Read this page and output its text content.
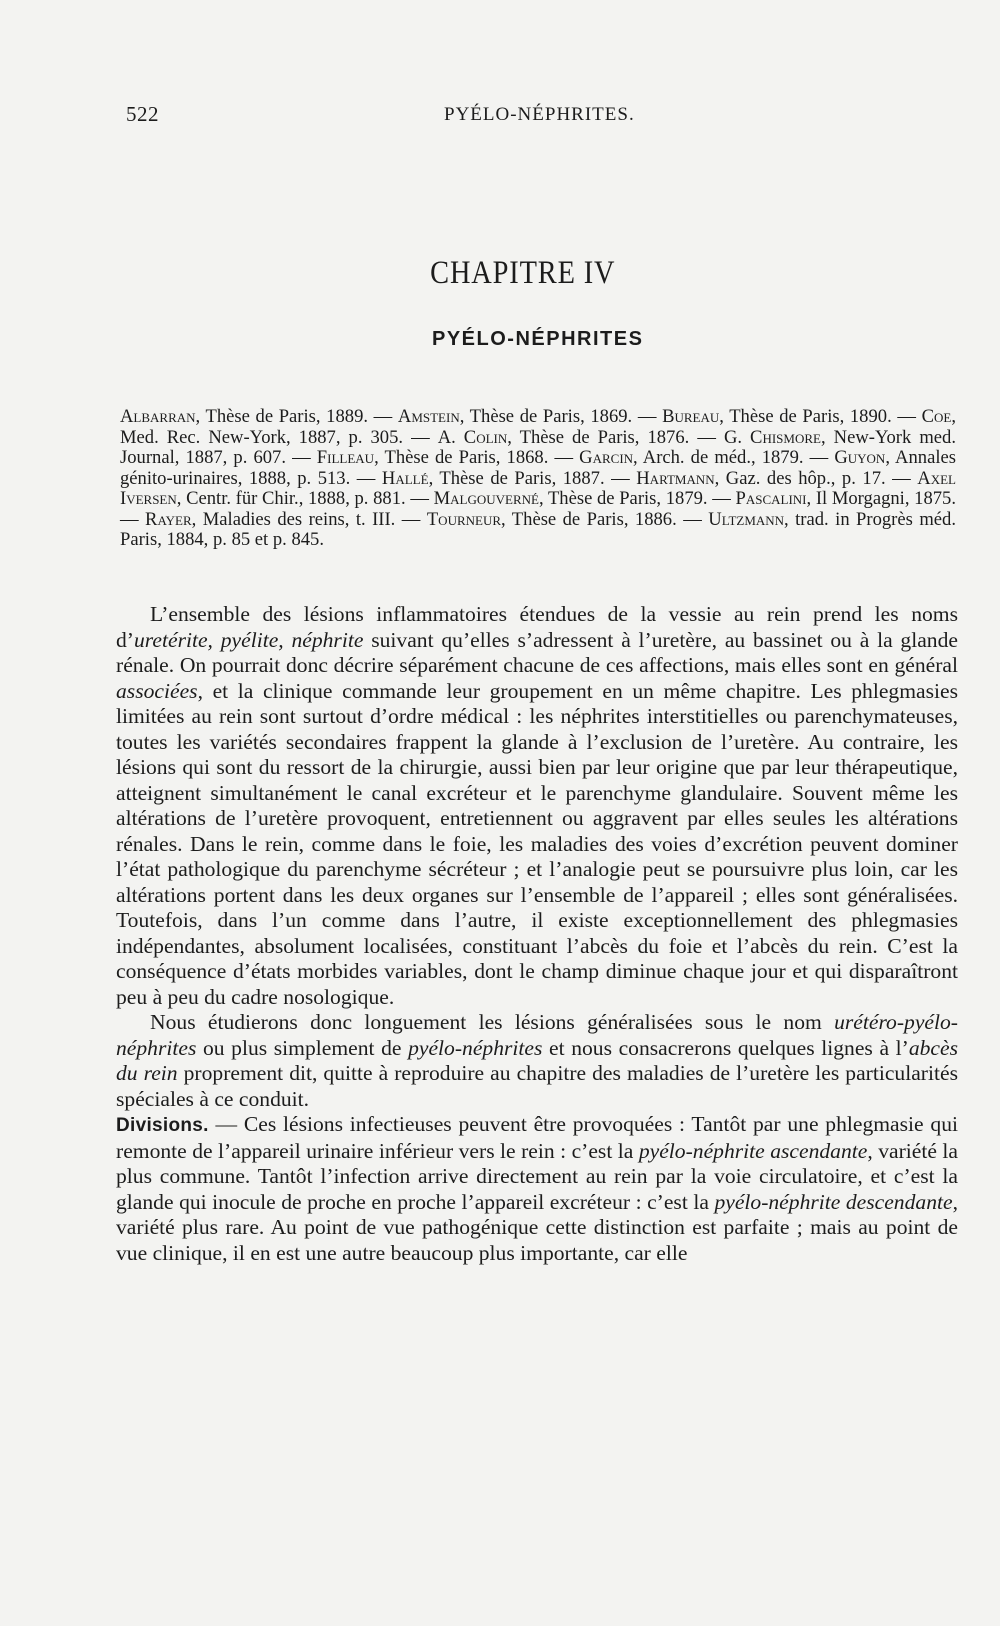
522	PYÉLO-NÉPHRITES.
CHAPITRE IV
PYÉLO-NÉPHRITES
Albarran, Thèse de Paris, 1889. — Amstein, Thèse de Paris, 1869. — Bureau, Thèse de Paris, 1890. — Coe, Med. Rec. New-York, 1887, p. 305. — A. Colin, Thèse de Paris, 1876. — G. Chismore, New-York med. Journal, 1887, p. 607. — Filleau, Thèse de Paris, 1868. — Garcin, Arch. de méd., 1879. — Guyon, Annales génito-urinaires, 1888, p. 513. — Hallé, Thèse de Paris, 1887. — Hartmann, Gaz. des hôp., p. 17. — Axel Iversen, Centr. für Chir., 1888, p. 881. — Malgouverné, Thèse de Paris, 1879. — Pascalini, Il Morgagni, 1875. — Rayer, Maladies des reins, t. III. — Tourneur, Thèse de Paris, 1886. — Ultzmann, trad. in Progrès méd. Paris, 1884, p. 85 et p. 845.

L’ensemble des lésions inflammatoires étendues de la vessie au rein prend les noms d’uretérite, pyélite, néphrite suivant qu’elles s’adressent à l’uretère, au bassinet ou à la glande rénale. On pourrait donc décrire séparément chacune de ces affections, mais elles sont en général associées, et la clinique commande leur groupement en un même chapitre. Les phlegmasies limitées au rein sont surtout d’ordre médical : les néphrites interstitielles ou parenchymateuses, toutes les variétés secondaires frappent la glande à l’exclusion de l’uretère. Au contraire, les lésions qui sont du ressort de la chirurgie, aussi bien par leur origine que par leur thérapeutique, atteignent simultanément le canal excréteur et le parenchyme glandulaire. Souvent même les altérations de l’uretère provoquent, entretiennent ou aggravent par elles seules les altérations rénales. Dans le rein, comme dans le foie, les maladies des voies d’excrétion peuvent dominer l’état pathologique du parenchyme sécréteur ; et l’analogie peut se poursuivre plus loin, car les altérations portent dans les deux organes sur l’ensemble de l’appareil ; elles sont généralisées. Toutefois, dans l’un comme dans l’autre, il existe exceptionnellement des phlegmasies indépendantes, absolument localisées, constituant l’abcès du foie et l’abcès du rein. C’est la conséquence d’états morbides variables, dont le champ diminue chaque jour et qui disparaîtront peu à peu du cadre nosologique.

Nous étudierons donc longuement les lésions généralisées sous le nom urétéro-pyélo-néphrites ou plus simplement de pyélo-néphrites et nous consacrerons quelques lignes à l’abcès du rein proprement dit, quitte à reproduire au chapitre des maladies de l’uretère les particularités spéciales à ce conduit.

Divisions. — Ces lésions infectieuses peuvent être provoquées : Tantôt par une phlegmasie qui remonte de l’appareil urinaire inférieur vers le rein : c’est la pyélo-néphrite ascendante, variété la plus commune. Tantôt l’infection arrive directement au rein par la voie circulatoire, et c’est la glande qui inocule de proche en proche l’appareil excréteur : c’est la pyélo-néphrite descendante, variété plus rare. Au point de vue pathogénique cette distinction est parfaite ; mais au point de vue clinique, il en est une autre beaucoup plus importante, car elle
